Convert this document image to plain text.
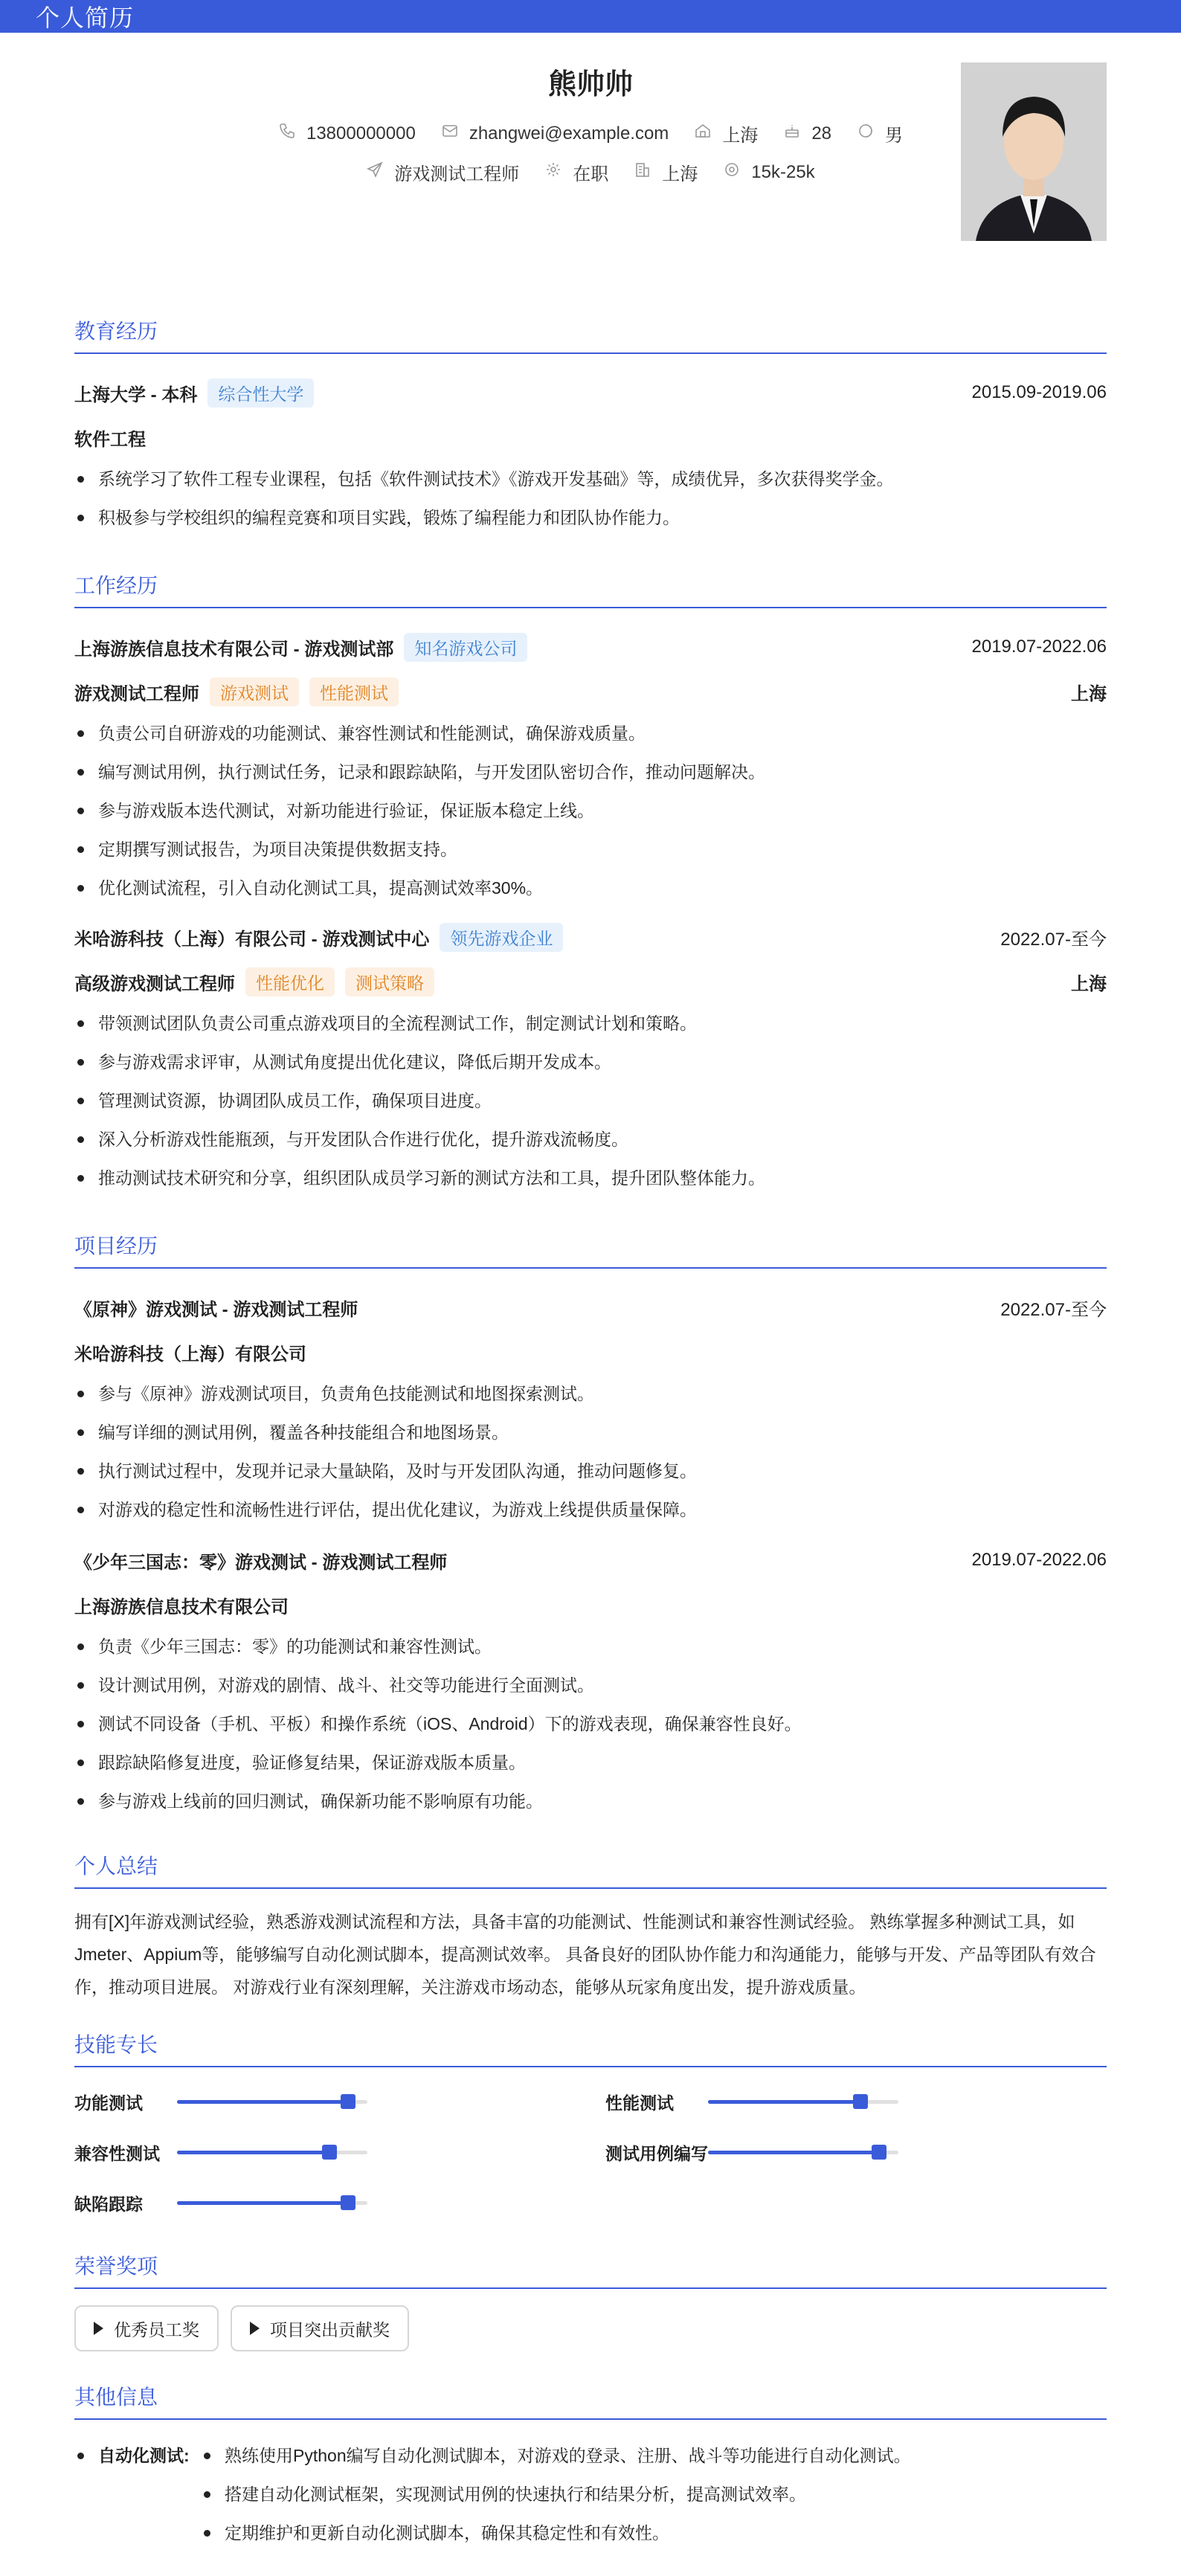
个人简历
熊帅帅
13800000000	zhangwei@example.com	上海	28	男
游戏测试工程师	在职	上海	15k-25k
教育经历
上海大学 - 本科	综合性大学	2015.09-2019.06
软件工程
系统学习了软件工程专业课程，包括《软件测试技术》《游戏开发基础》等，成绩优异，多次获得奖学金。
积极参与学校组织的编程竞赛和项目实践，锻炼了编程能力和团队协作能力。
工作经历
上海游族信息技术有限公司 - 游戏测试部	知名游戏公司	2019.07-2022.06
游戏测试工程师	游戏测试	性能测试	上海
负责公司自研游戏的功能测试、兼容性测试和性能测试，确保游戏质量。
编写测试用例，执行测试任务，记录和跟踪缺陷，与开发团队密切合作，推动问题解决。
参与游戏版本迭代测试，对新功能进行验证，保证版本稳定上线。
定期撰写测试报告，为项目决策提供数据支持。
优化测试流程，引入自动化测试工具，提高测试效率30%。
米哈游科技（上海）有限公司 - 游戏测试中心	领先游戏企业	2022.07-至今
高级游戏测试工程师	性能优化	测试策略	上海
带领测试团队负责公司重点游戏项目的全流程测试工作，制定测试计划和策略。
参与游戏需求评审，从测试角度提出优化建议，降低后期开发成本。
管理测试资源，协调团队成员工作，确保项目进度。
深入分析游戏性能瓶颈，与开发团队合作进行优化，提升游戏流畅度。
推动测试技术研究和分享，组织团队成员学习新的测试方法和工具，提升团队整体能力。
项目经历
《原神》游戏测试 - 游戏测试工程师	2022.07-至今
米哈游科技（上海）有限公司
参与《原神》游戏测试项目，负责角色技能测试和地图探索测试。
编写详细的测试用例，覆盖各种技能组合和地图场景。
执行测试过程中，发现并记录大量缺陷，及时与开发团队沟通，推动问题修复。
对游戏的稳定性和流畅性进行评估，提出优化建议，为游戏上线提供质量保障。
《少年三国志：零》游戏测试 - 游戏测试工程师	2019.07-2022.06
上海游族信息技术有限公司
负责《少年三国志：零》的功能测试和兼容性测试。
设计测试用例，对游戏的剧情、战斗、社交等功能进行全面测试。
测试不同设备（手机、平板）和操作系统（iOS、Android）下的游戏表现，确保兼容性良好。
跟踪缺陷修复进度，验证修复结果，保证游戏版本质量。
参与游戏上线前的回归测试，确保新功能不影响原有功能。
个人总结

拥有[X]年游戏测试经验，熟悉游戏测试流程和方法，具备丰富的功能测试、性能测试和兼容性测试经验。 熟练掌握多种测试工具，如Jmeter、Appium等，能够编写自动化测试脚本，提高测试效率。 具备良好的团队协作能力和沟通能力，能够与开发、产品等团队有效合作，推动项目进展。 对游戏行业有深刻理解，关注游戏市场动态，能够从玩家角度出发，提升游戏质量。

技能专长
功能测试	性能测试
兼容性测试	测试用例编写
缺陷跟踪
荣誉奖项
优秀员工奖	项目突出贡献奖
其他信息
自动化测试:	熟练使用Python编写自动化测试脚本，对游戏的登录、注册、战斗等功能进行自动化测试。
搭建自动化测试框架，实现测试用例的快速执行和结果分析，提高测试效率。
定期维护和更新自动化测试脚本，确保其稳定性和有效性。
